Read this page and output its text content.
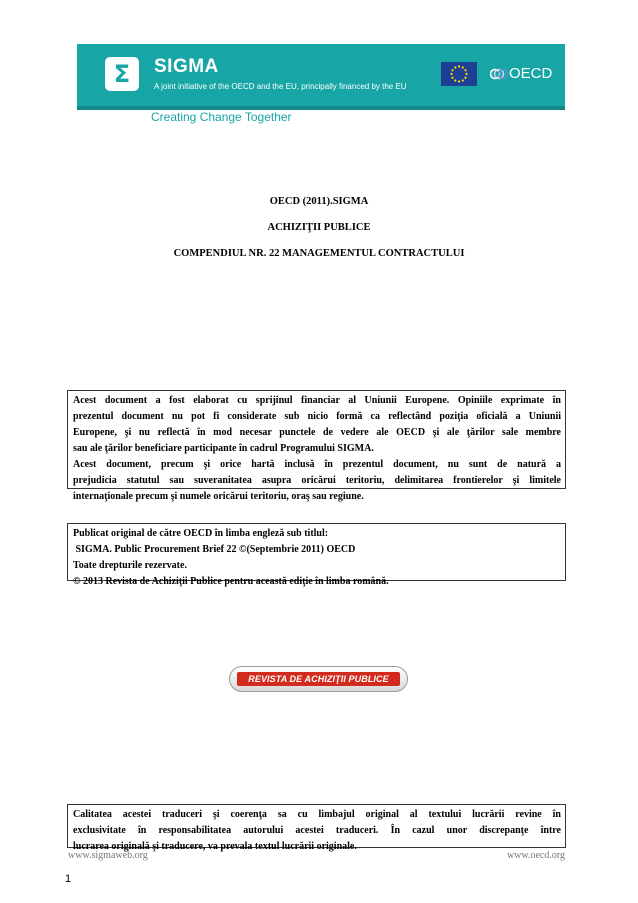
Σ	SIGMA
A joint initiative of the OECD and the EU, principally financed by the EU
OECD
Creating Change Together
OECD (2011).SIGMA
ACHIZIŢII PUBLICE
COMPENDIUL NR. 22 MANAGEMENTUL CONTRACTULUI
Acest document a fost elaborat cu sprijinul financiar al Uniunii Europene. Opiniile exprimate în
prezentul document nu pot fi considerate sub nicio formă ca reflectând poziţia oficială a Uniunii
Europene, şi nu reflectă în mod necesar punctele de vedere ale OECD şi ale ţărilor sale membre
sau ale ţărilor beneficiare participante în cadrul Programului SIGMA.
Acest document, precum şi orice hartă inclusă în prezentul document, nu sunt de natură a
prejudicia statutul sau suveranitatea asupra oricărui teritoriu, delimitarea frontierelor şi limitele
internaţionale precum şi numele oricărui teritoriu, oraş sau regiune.

Publicat original de către OECD în limba engleză sub titlul:

SIGMA. Public Procurement Brief 22 ©(Septembrie 2011) OECD

Toate drepturile rezervate.

© 2013 Revista de Achiziţii Publice pentru această ediţie în limba română.

REVISTA DE ACHIZIŢII PUBLICE
Calitatea acestei traduceri şi coerenţa sa cu limbajul original al textului lucrării revine în
exclusivitate în responsabilitatea autorului acestei traduceri. În cazul unor discrepanţe între
lucrarea originală şi traducere, va prevala textul lucrării originale.
www.sigmaweb.org	www.oecd.org
1
